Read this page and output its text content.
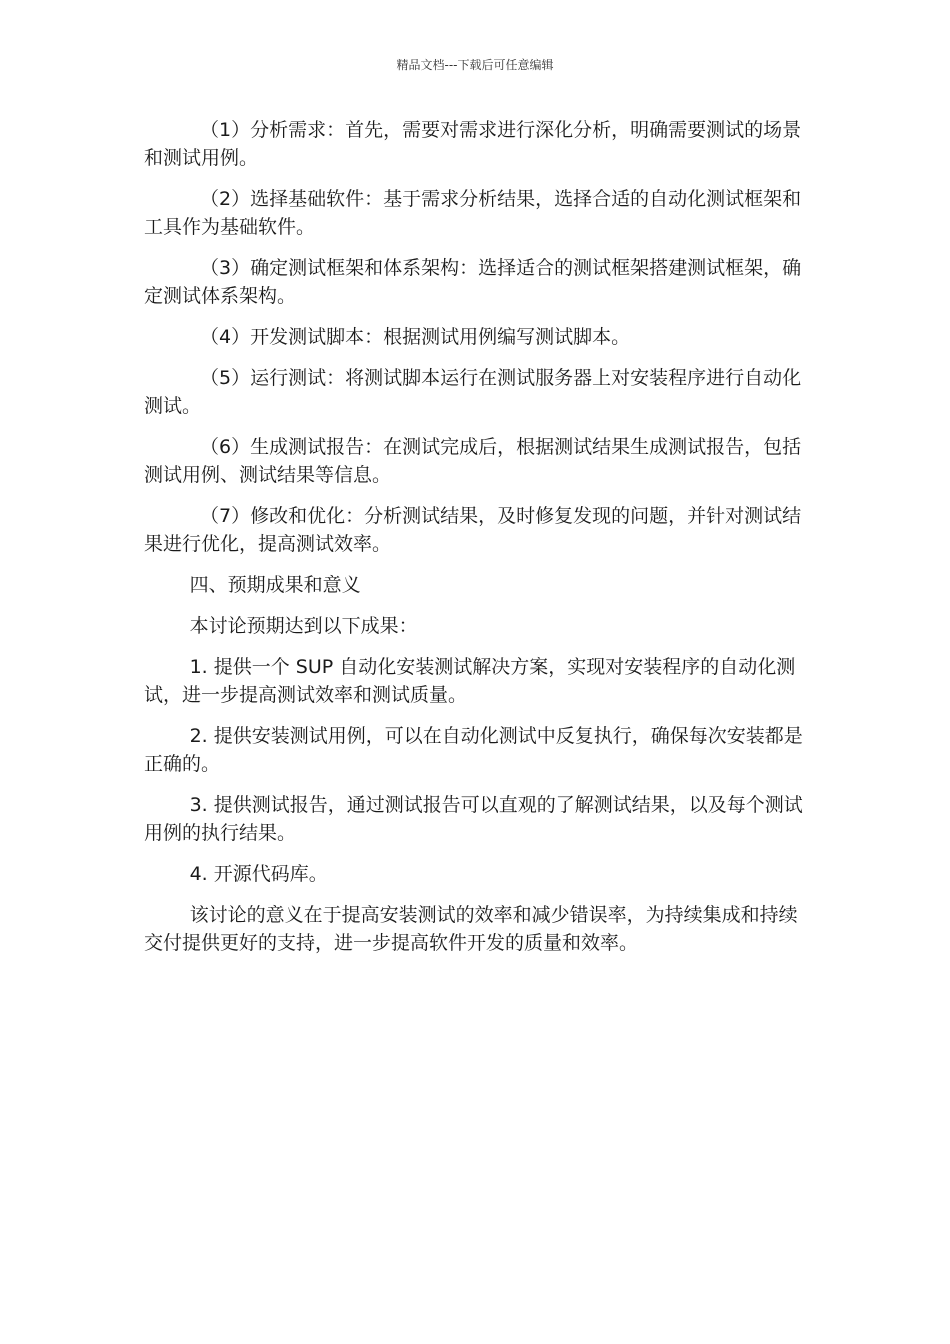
精品文档---下载后可任意编辑

（1）分析需求：首先，需要对需求进行深化分析，明确需要测试的场景和测试用例。

（2）选择基础软件：基于需求分析结果，选择合适的自动化测试框架和工具作为基础软件。

（3）确定测试框架和体系架构：选择适合的测试框架搭建测试框架，确定测试体系架构。

（4）开发测试脚本：根据测试用例编写测试脚本。

（5）运行测试：将测试脚本运行在测试服务器上对安装程序进行自动化测试。

（6）生成测试报告：在测试完成后，根据测试结果生成测试报告，包括测试用例、测试结果等信息。

（7）修改和优化：分析测试结果，及时修复发现的问题，并针对测试结果进行优化，提高测试效率。

四、预期成果和意义

本讨论预期达到以下成果：

1. 提供一个 SUP 自动化安装测试解决方案，实现对安装程序的自动化测试，进一步提高测试效率和测试质量。

2. 提供安装测试用例，可以在自动化测试中反复执行，确保每次安装都是正确的。

3. 提供测试报告，通过测试报告可以直观的了解测试结果，以及每个测试用例的执行结果。

4. 开源代码库。

该讨论的意义在于提高安装测试的效率和减少错误率，为持续集成和持续交付提供更好的支持，进一步提高软件开发的质量和效率。
